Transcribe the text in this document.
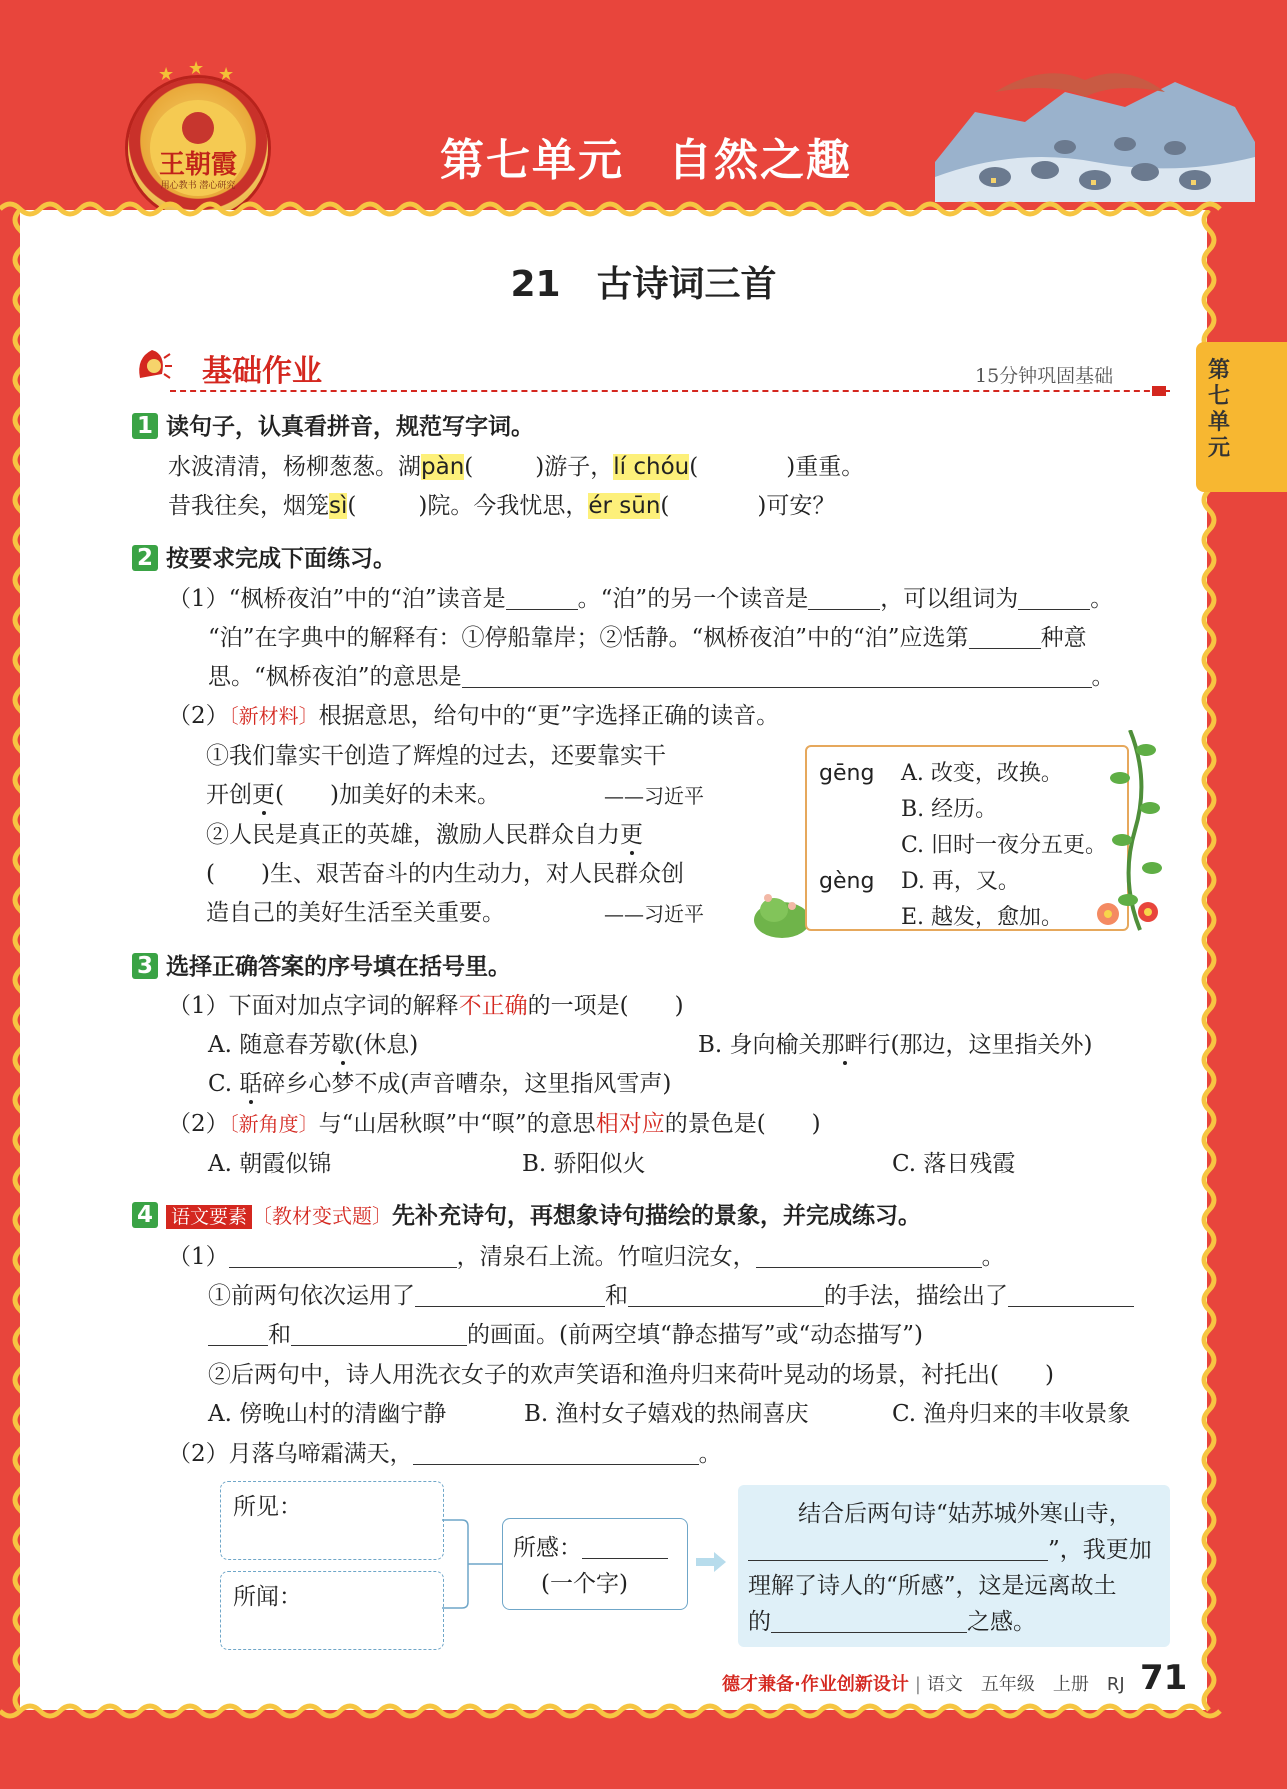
★ ★ ★
王朝霞
用心教书 潜心研究	第七单元 自然之趣
第七单元
21　古诗词三首
基础作业	15分钟巩固基础
1 读句子，认真看拼音，规范写字词。
水波清清，杨柳葱葱。湖pàn(	)游子，lí chóu(	)重重。
昔我往矣，烟笼sì(	)院。今我忧思，ér sūn(	)可安？
2 按要求完成下面练习。
（1）“枫桥夜泊”中的“泊”读音是	。“泊”的另一个读音是	，可以组词为	。
“泊”在字典中的解释有：①停船靠岸；②恬静。“枫桥夜泊”中的“泊”应选第	种意
思。“枫桥夜泊”的意思是	。
（2）〔新材料〕根据意思，给句中的“更”字选择正确的读音。
①我们靠实干创造了辉煌的过去，还要靠实干
开创更(　　)加美好的未来。	——习近平
②人民是真正的英雄，激励人民群众自力更
(　　)生、艰苦奋斗的内生动力，对人民群众创
造自己的美好生活至关重要。	——习近平
gēng A. 改变，改换。
B. 经历。
C. 旧时一夜分五更。
gèng D. 再，又。
E. 越发，愈加。
3 选择正确答案的序号填在括号里。
（1）下面对加点字词的解释不正确的一项是(　　)
A. 随意春芳歇(休息)	B. 身向榆关那畔行(那边，这里指关外)
C. 聒碎乡心梦不成(声音嘈杂，这里指风雪声)
（2）〔新角度〕与“山居秋暝”中“暝”的意思相对应的景色是(　　)
A. 朝霞似锦	B. 骄阳似火	C. 落日残霞
4 语文要素 〔教材变式题〕先补充诗句，再想象诗句描绘的景象，并完成练习。
（1）	，清泉石上流。竹喧归浣女，	。
①前两句依次运用了	和	的手法，描绘出了
和	的画面。(前两空填“静态描写”或“动态描写”)
②后两句中，诗人用洗衣女子的欢声笑语和渔舟归来荷叶晃动的场景，衬托出(　　)
A. 傍晚山村的清幽宁静	B. 渔村女子嬉戏的热闹喜庆	C. 渔舟归来的丰收景象
（2）月落乌啼霜满天，	。
所见：
所闻：
所感：
(一个字)
结合后两句诗“姑苏城外寒山寺，
”，我更加
理解了诗人的“所感”，这是远离故土
的	之感。
德才兼备·作业创新设计 | 语文　五年级　上册　RJ 71
